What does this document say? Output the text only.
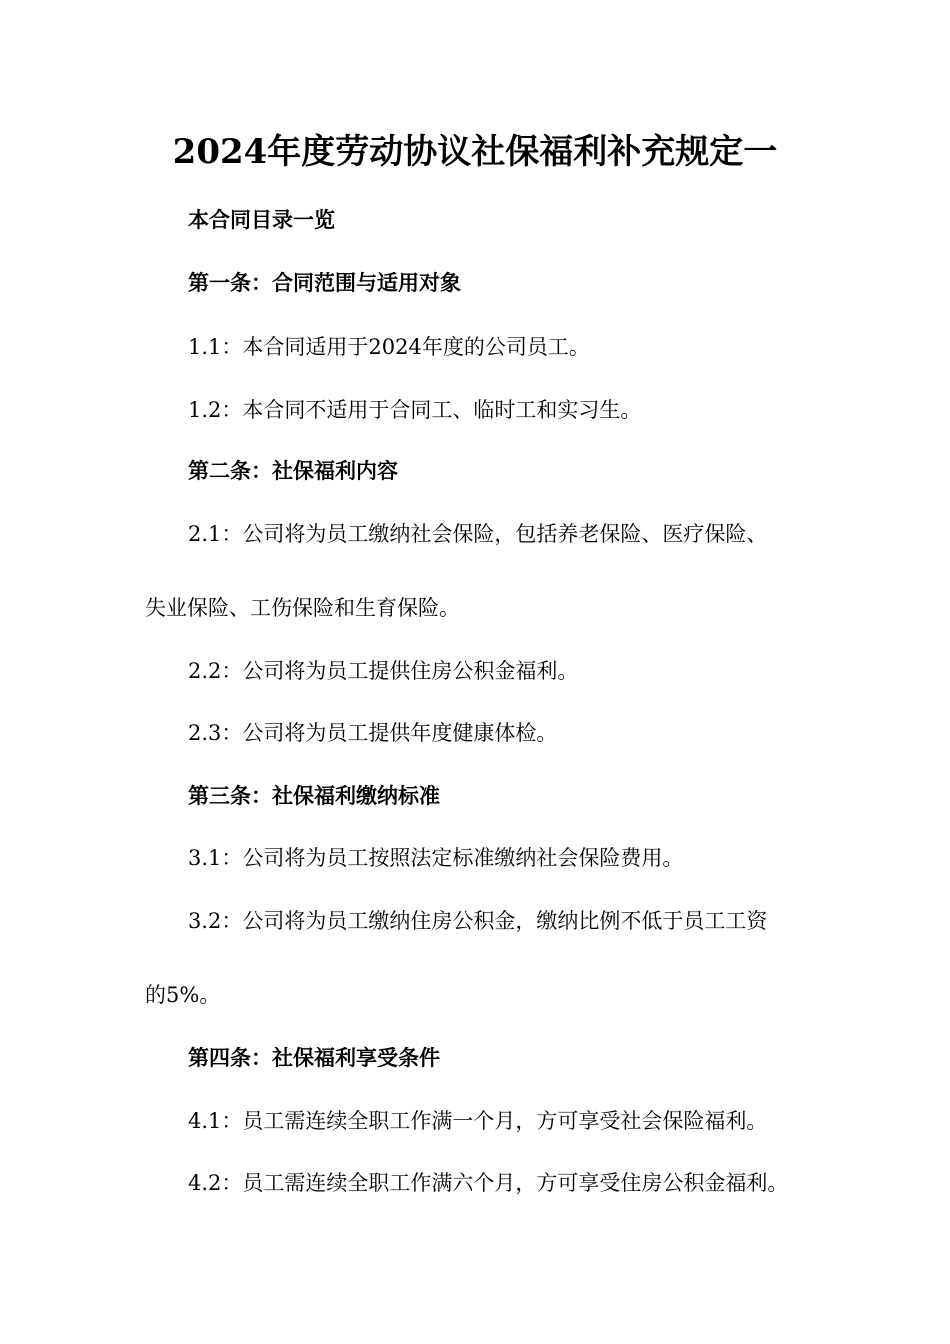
2024年度劳动协议社保福利补充规定一
本合同目录一览
第一条：合同范围与适用对象
1.1：本合同适用于2024年度的公司员工。
1.2：本合同不适用于合同工、临时工和实习生。
第二条：社保福利内容
2.1：公司将为员工缴纳社会保险，包括养老保险、医疗保险、
失业保险、工伤保险和生育保险。
2.2：公司将为员工提供住房公积金福利。
2.3：公司将为员工提供年度健康体检。
第三条：社保福利缴纳标准
3.1：公司将为员工按照法定标准缴纳社会保险费用。
3.2：公司将为员工缴纳住房公积金，缴纳比例不低于员工工资
的5%。
第四条：社保福利享受条件
4.1：员工需连续全职工作满一个月，方可享受社会保险福利。
4.2：员工需连续全职工作满六个月，方可享受住房公积金福利。
